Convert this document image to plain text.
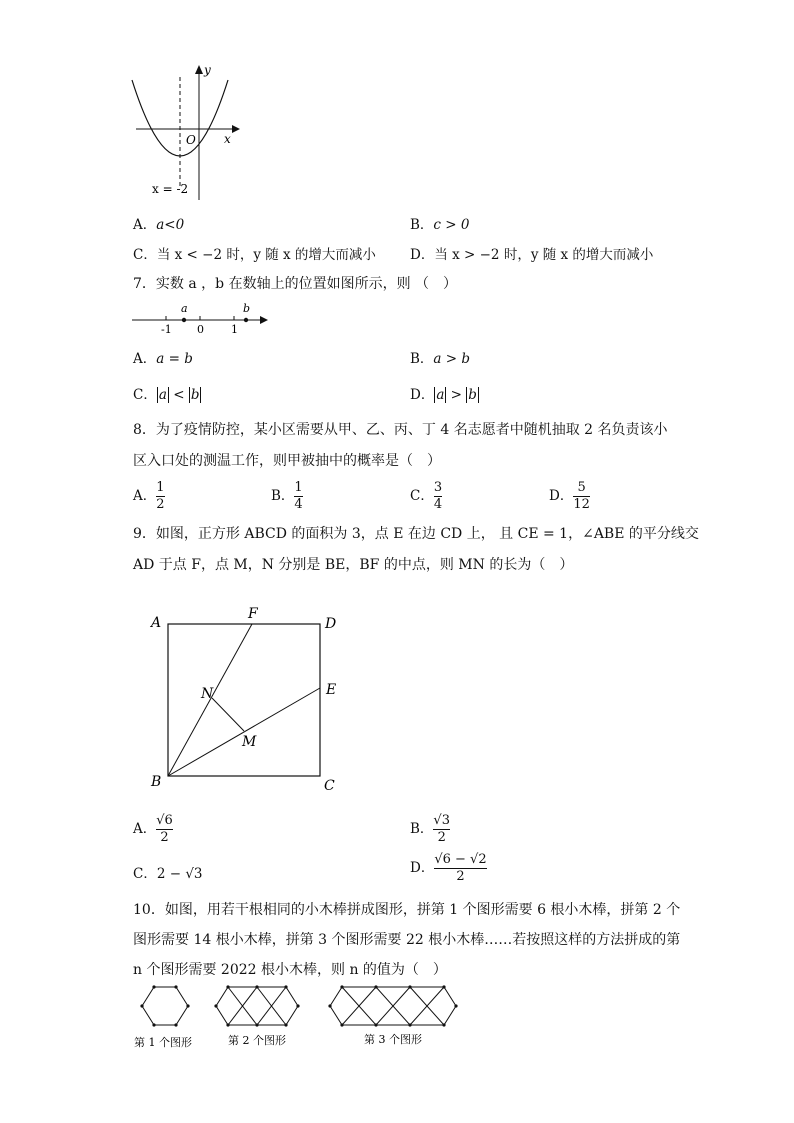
y
x
O
x = -2
A．a<0	B．c > 0
C．当 x < −2 时，y 随 x 的增大而减小	D．当 x > −2 时，y 随 x 的增大而减小
7．实数 a ，b 在数轴上的位置如图所示，则 （　）
a	b
-1 0 1
A．a = b	B．a > b
C． a < b	D． a > b
8．为了疫情防控，某小区需要从甲、乙、丙、丁 4 名志愿者中随机抽取 2 名负责该小
区入口处的测温工作，则甲被抽中的概率是（　）
A． $\frac{1}{2}$	B． $\frac{1}{4}$	C． $\frac{3}{4}$	D． $\frac{5}{12}$
9．如图，正方形 ABCD 的面积为 3，点 E 在边 CD 上， 且 CE = 1，∠ABE 的平分线交
AD 于点 F，点 M，N 分别是 BE，BF 的中点，则 MN 的长为（　）
A
F
D
E
N
M
B	C
A． $\frac{√6}{2}$	B． $\frac{√3}{2}$
C．2 − √3	D． $\frac{√6 - √2}{2}$
10．如图，用若干根相同的小木棒拼成图形，拼第 1 个图形需要 6 根小木棒，拼第 2 个
图形需要 14 根小木棒，拼第 3 个图形需要 22 根小木棒……若按照这样的方法拼成的第
n 个图形需要 2022 根小木棒，则 n 的值为（　）
第 1 个图形	第 2 个图形	第 3 个图形
